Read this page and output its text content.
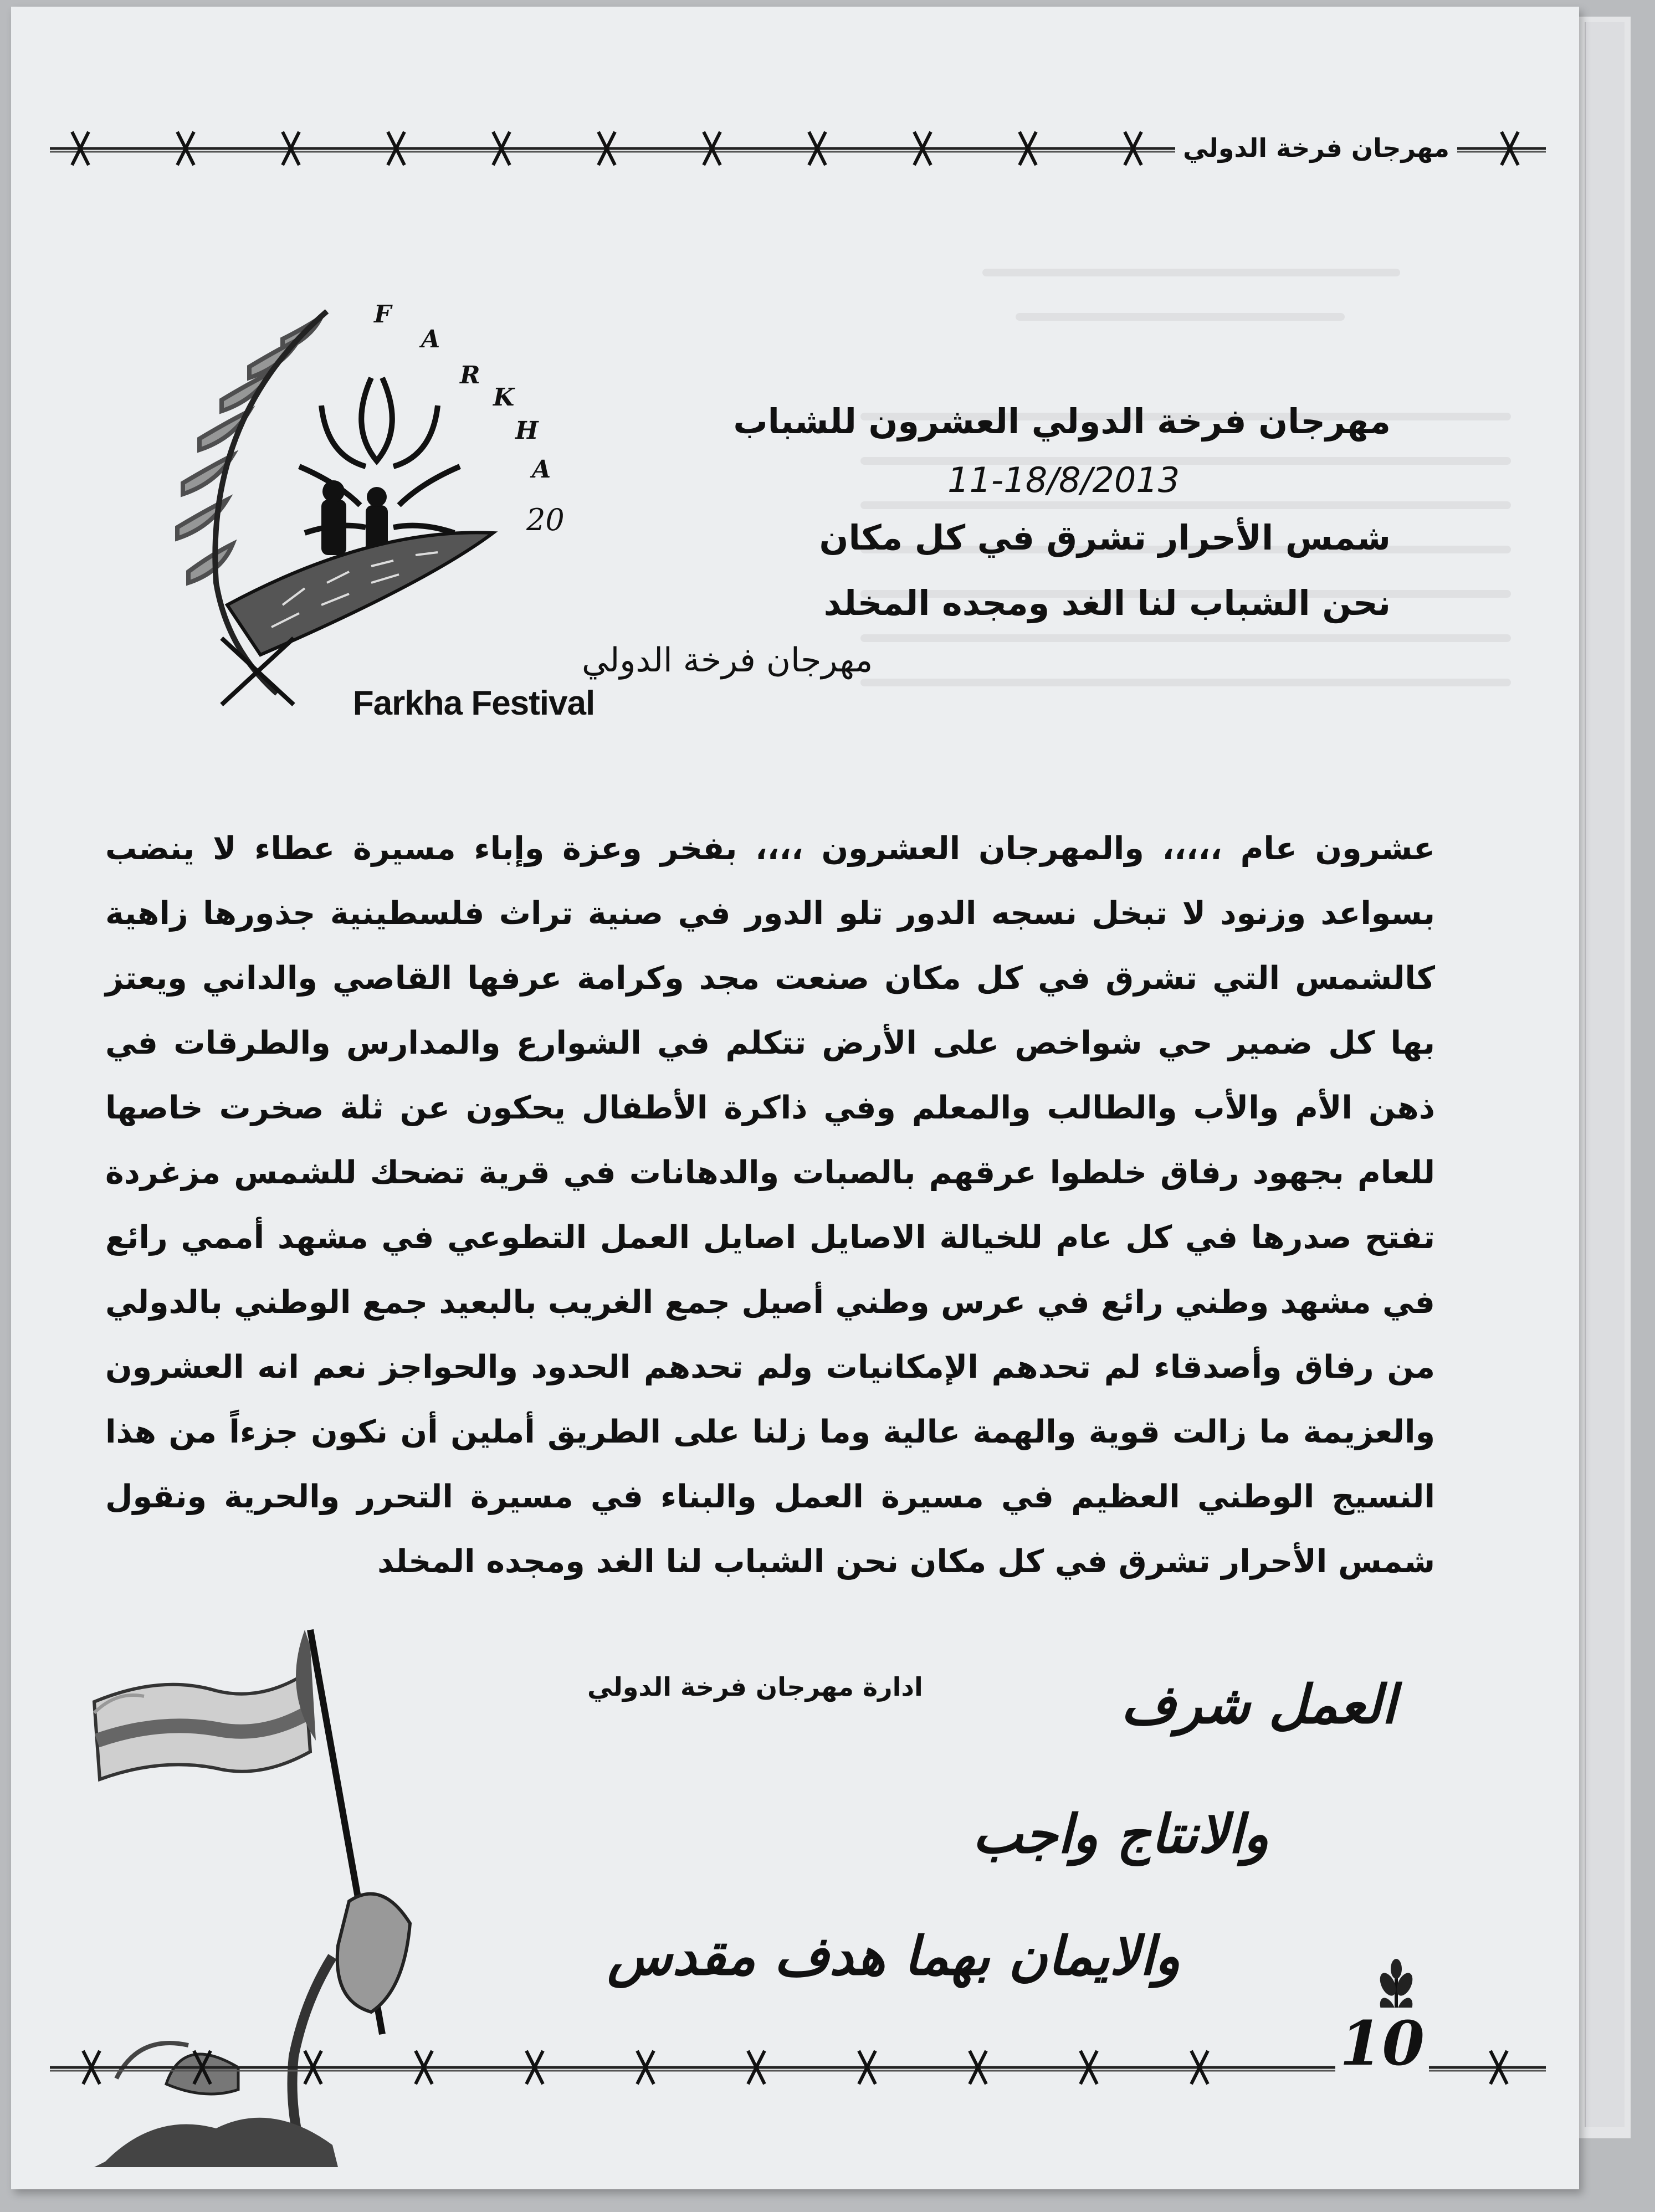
مهرجان فرخة الدولي
F
A
R
K
H
A
20
مهرجان فرخة الدولي
Farkha Festival
مهرجان فرخة الدولي العشرون للشباب
11-18/8/2013
شمس الأحرار تشرق في كل مكان
نحن الشباب لنا الغد ومجده المخلد

عشرون عام ،،،،، والمهرجان العشرون ،،،، بفخر وعزة وإباء مسيرة عطاء لا ينضب بسواعد وزنود لا تبخل نسجه الدور تلو الدور في صنية تراث فلسطينية جذورها زاهية كالشمس التي تشرق في كل مكان صنعت مجد وكرامة عرفها القاصي والداني ويعتز بها كل ضمير حي شواخص على الأرض تتكلم في الشوارع والمدارس والطرقات في ذهن الأم والأب والطالب والمعلم وفي ذاكرة الأطفال يحكون عن ثلة صخرت خاصها للعام بجهود رفاق خلطوا عرقهم بالصبات والدهانات في قرية تضحك للشمس مزغردة تفتح صدرها في كل عام للخيالة الاصايل اصايل العمل التطوعي في مشهد أممي رائع في مشهد وطني رائع في عرس وطني أصيل جمع الغريب بالبعيد جمع الوطني بالدولي من رفاق وأصدقاء لم تحدهم الإمكانيات ولم تحدهم الحدود والحواجز نعم انه العشرون والعزيمة ما زالت قوية والهمة عالية وما زلنا على الطريق أملين أن نكون جزءاً من هذا النسيج الوطني العظيم في مسيرة العمل والبناء في مسيرة التحرر والحرية ونقول شمس الأحرار تشرق في كل مكان نحن الشباب لنا الغد ومجده المخلد

ادارة مهرجان فرخة الدولي	العمل شرف
والانتاج واجب
والايمان بهما هدف مقدس
10
